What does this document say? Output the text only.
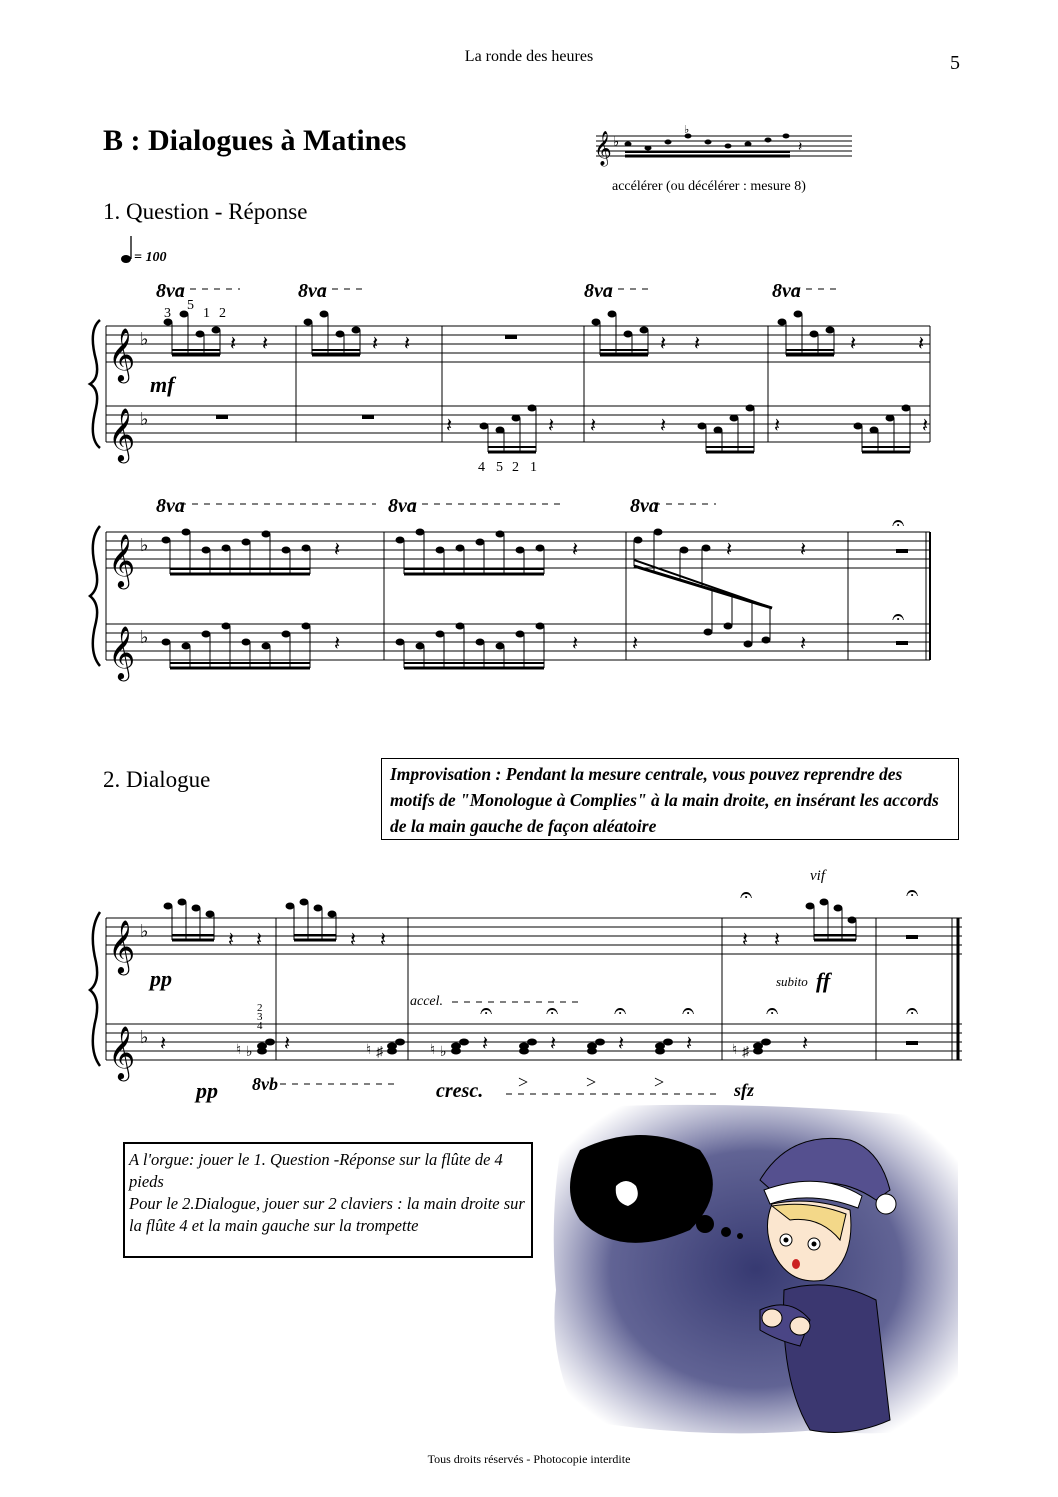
La ronde des heures	5
B : Dialogues à Matines	𝄞 ♭
♭
𝄽
accélérer (ou décélérer : mesure 8)
1. Question - Réponse
= 100
𝄞
𝄞
♭
♭
𝄽 𝄽	𝄽 𝄽	𝄽 𝄽	𝄽	𝄽
𝄽	𝄽 𝄽	𝄽	𝄽	𝄽
8va	8va	8va	8va
3
5
1 2
4 5 2 1
mf
𝄞
𝄞
♭
♭
𝄽	𝄽	𝄽	𝄽
𝄽	𝄽	𝄽	𝄽
𝄐
𝄐
8va	8va	8va
2. Dialogue	Improvisation : Pendant la mesure centrale, vous pouvez reprendre des motifs de "Monologue à Complies" à la main droite, en insérant les accords de la main gauche de façon aléatoire
𝄞
𝄞
♭
♭
♮ ♭	♮ ♯	♮ ♭	♮ ♯
𝄽 𝄽	𝄽 𝄽	𝄽 𝄽
𝄽	𝄽	𝄽	𝄽	𝄽	𝄽	𝄽
𝄐	𝄐
𝄐 𝄐	𝄐	𝄐	𝄐	𝄐
>	>	>
2
3
4
pp
pp 8vb
accel.
cresc.
vif
subito ff
sfz
A l'orgue: jouer le 1. Question -Réponse sur la flûte de 4 pieds
Pour le 2.Dialogue, jouer sur 2 claviers : la main droite sur la flûte 4 et la main gauche sur la trompette
Tous droits réservés - Photocopie interdite
